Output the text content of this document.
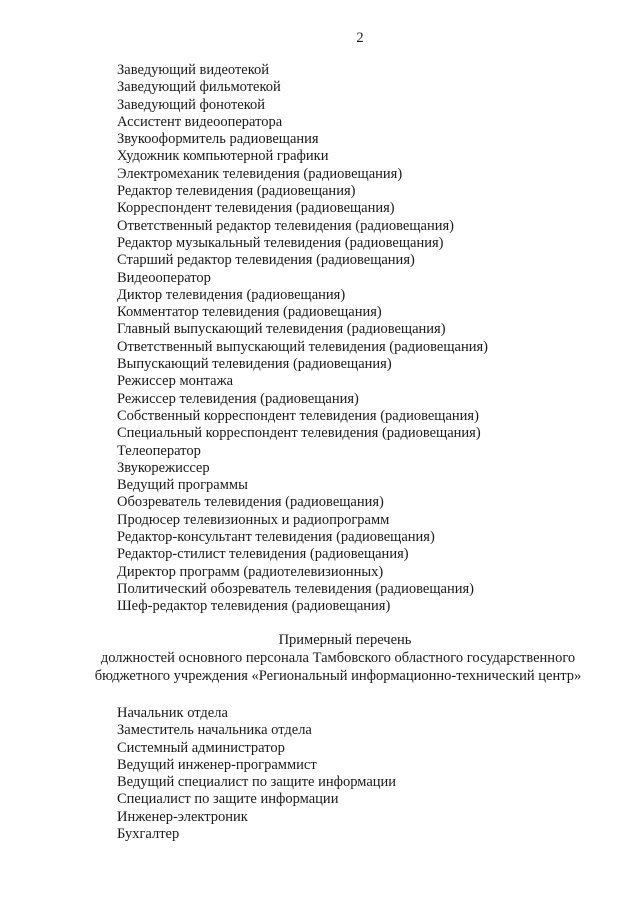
2
Заведующий видеотекой
Заведующий фильмотекой
Заведующий фонотекой
Ассистент видеооператора
Звукооформитель радиовещания
Художник компьютерной графики
Электромеханик телевидения (радиовещания)
Редактор телевидения (радиовещания)
Корреспондент телевидения (радиовещания)
Ответственный редактор телевидения (радиовещания)
Редактор музыкальный телевидения (радиовещания)
Старший редактор телевидения (радиовещания)
Видеооператор
Диктор телевидения (радиовещания)
Комментатор телевидения (радиовещания)
Главный выпускающий телевидения (радиовещания)
Ответственный выпускающий телевидения (радиовещания)
Выпускающий телевидения (радиовещания)
Режиссер монтажа
Режиссер телевидения (радиовещания)
Собственный корреспондент телевидения (радиовещания)
Специальный корреспондент телевидения (радиовещания)
Телеоператор
Звукорежиссер
Ведущий программы
Обозреватель телевидения (радиовещания)
Продюсер телевизионных и радиопрограмм
Редактор-консультант телевидения (радиовещания)
Редактор-стилист телевидения (радиовещания)
Директор программ (радиотелевизионных)
Политический обозреватель телевидения (радиовещания)
Шеф-редактор телевидения (радиовещания)
Примерный перечень
должностей основного персонала Тамбовского областного государственного
бюджетного учреждения «Региональный информационно-технический центр»
Начальник отдела
Заместитель начальника отдела
Системный администратор
Ведущий инженер-программист
Ведущий специалист по защите информации
Специалист по защите информации
Инженер-электроник
Бухгалтер
